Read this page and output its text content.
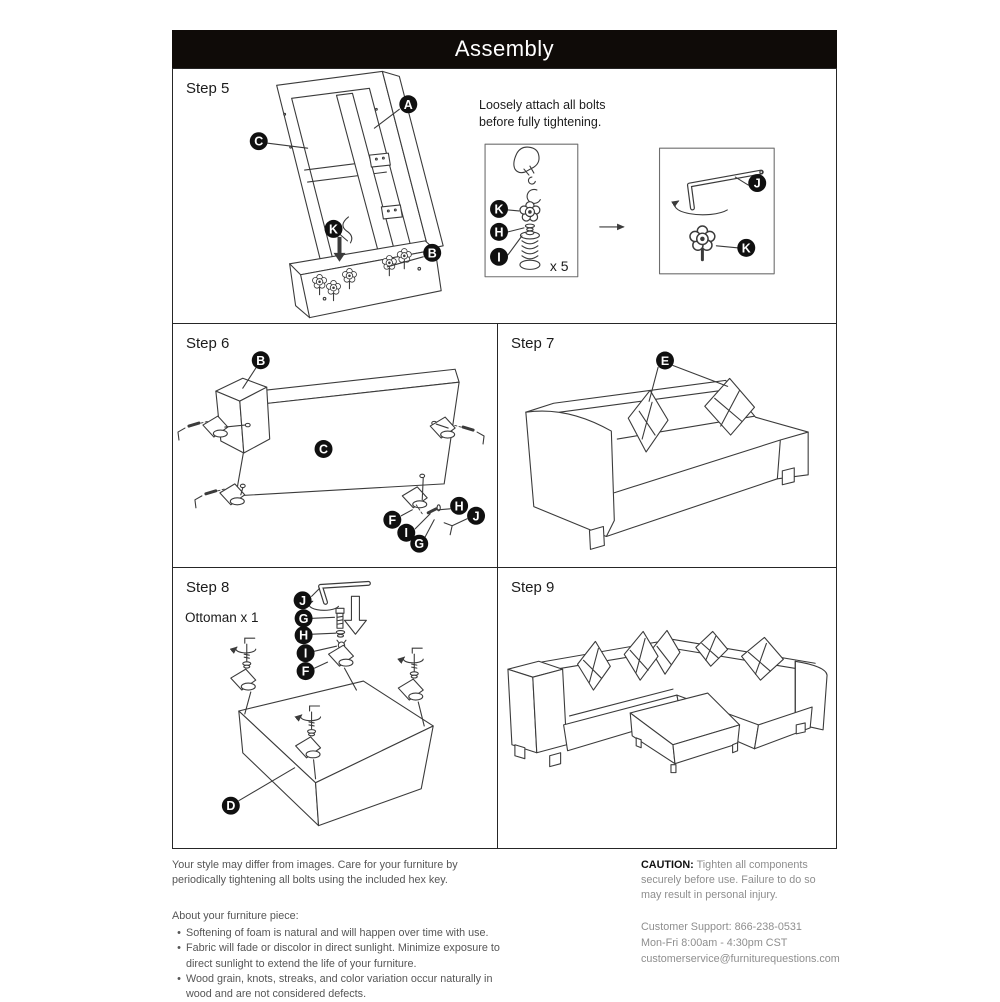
Assembly
Step 5
Loosely attach all bolts
before fully tightening.
A
C
B
K
K
H
I
x 5
J
K
Step 6
B
C
F
I
G
H
J
Step 7
E
Step 8
Ottoman x 1
J
G
H
I
F
D
Step 9

Your style may differ from images. Care for your furniture by periodically tightening all bolts using the included hex key.

About your furniture piece:

• Softening of foam is natural and will happen over time with use.
• Fabric will fade or discolor in direct sunlight. Minimize exposure to direct sunlight to extend the life of your furniture.
• Wood grain, knots, streaks, and color variation occur naturally in wood and are not considered defects.

CAUTION: Tighten all components securely before use. Failure to do so may result in personal injury.

Customer Support: 866-238-0531
Mon-Fri 8:00am - 4:30pm CST
customerservice@furniturequestions.com
